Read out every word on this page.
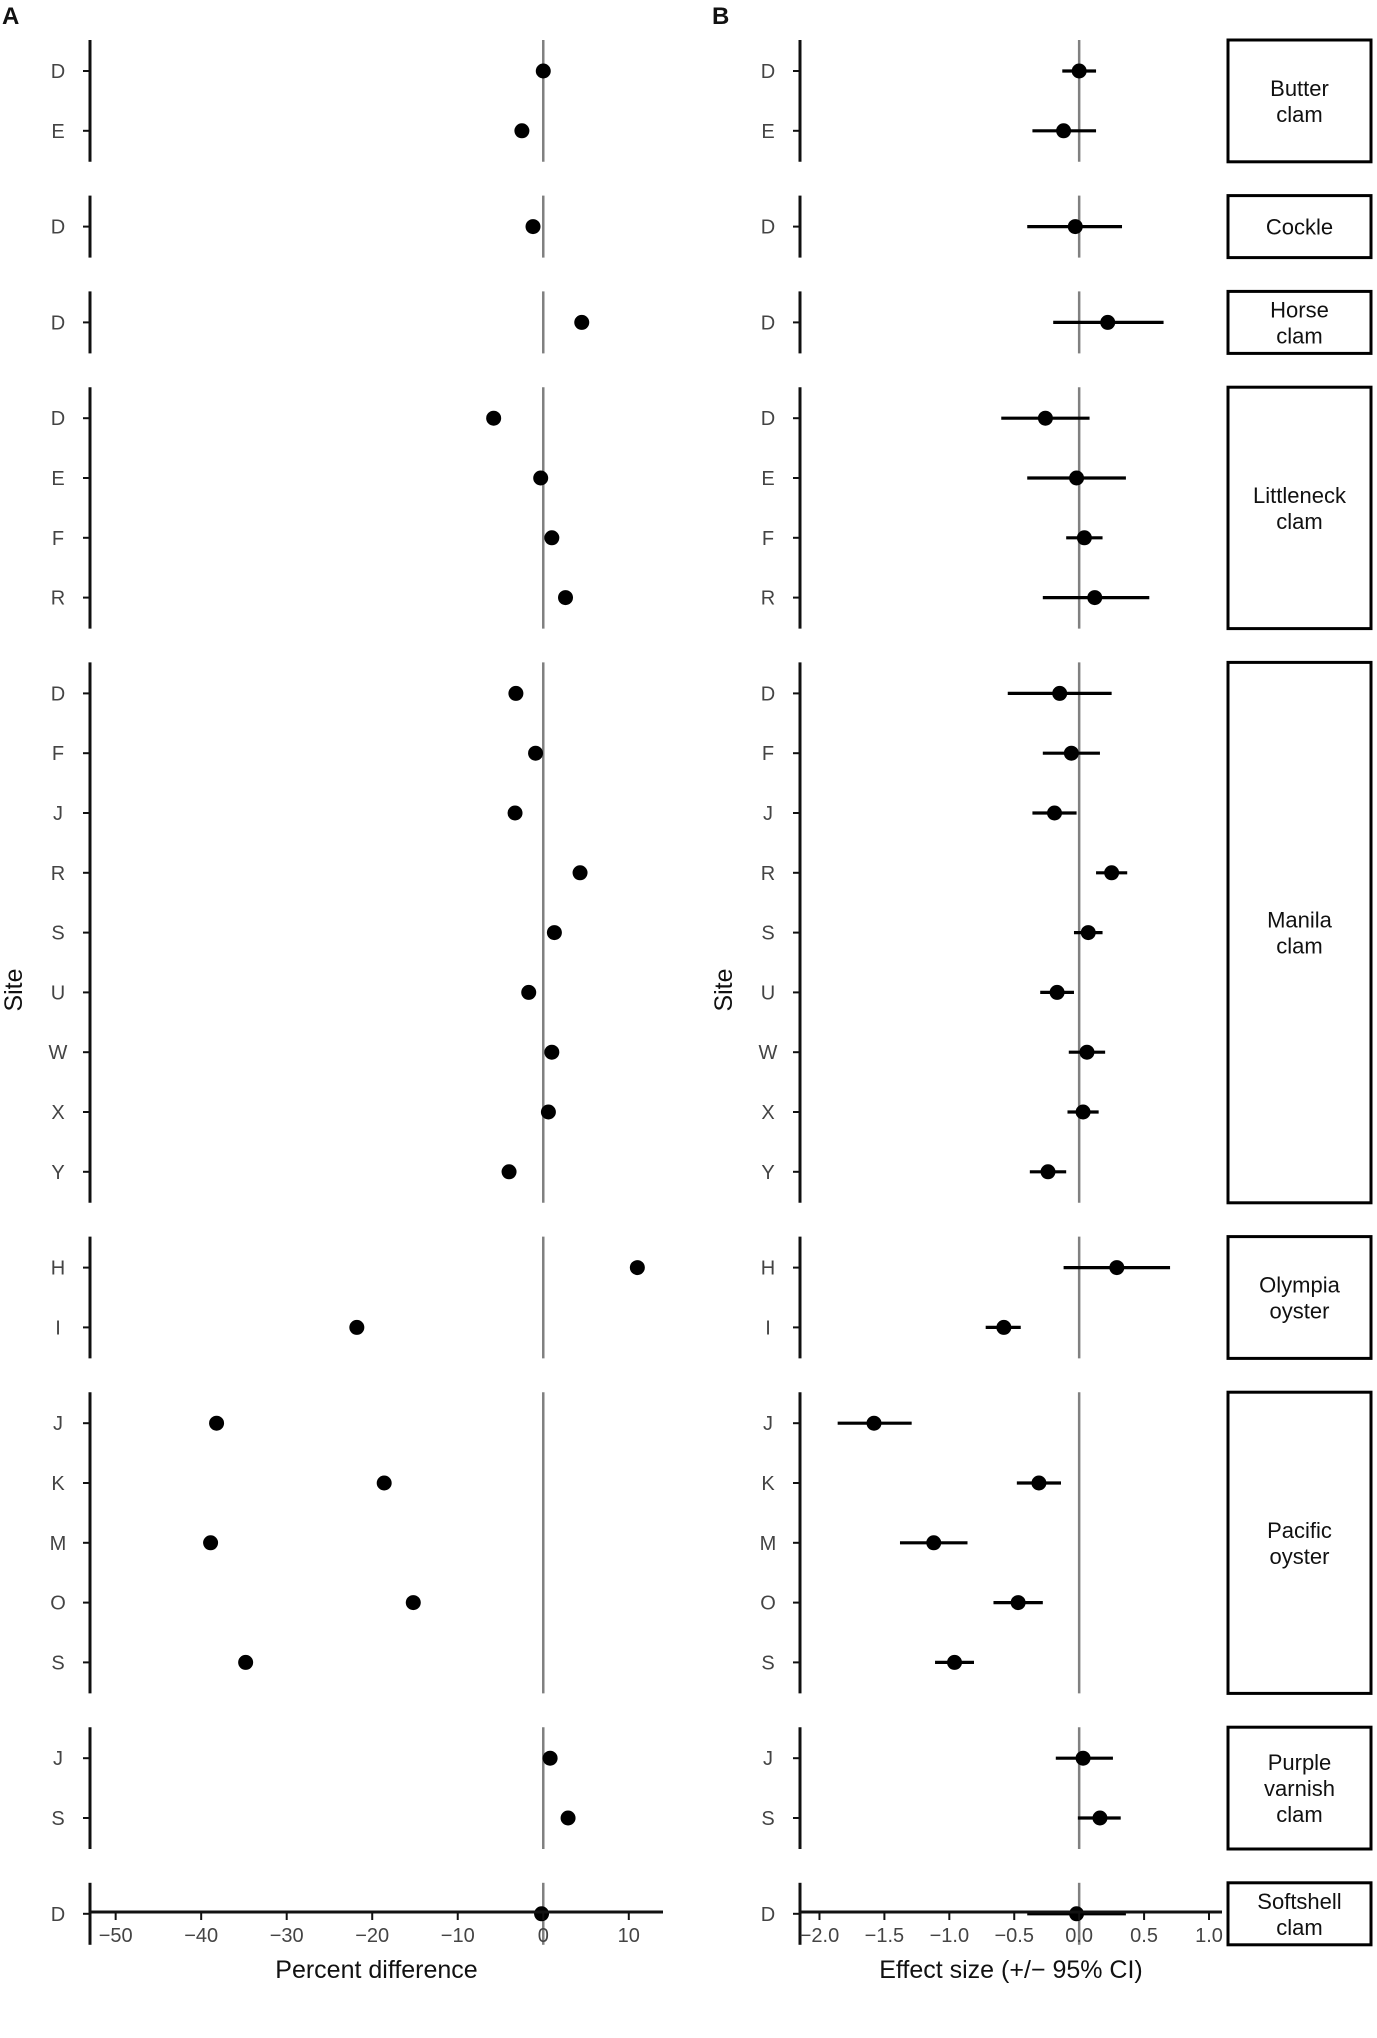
A	B
D
E
D
D
D
E
F
R
D
F
J
R
S
U
W
X
Y
H
I
J
K
M
O
S
J
S
D
−50	−40	−30	−20	−10	0	10
Percent difference
Site
D
E
D
D
D
E
F
R
D
F
J
R
S
U
W
X
Y
H
I
J
K
M
O
S
J
S
D
−2.0 −1.5 −1.0 −0.5 0.0 0.5 1.0
Effect size (+/− 95% CI)
Site
Butter
clam
Cockle
Horse
clam
Littleneck
clam
Manila
clam
Olympia
oyster
Pacific
oyster
Purple
varnish
clam
Softshell
clam
